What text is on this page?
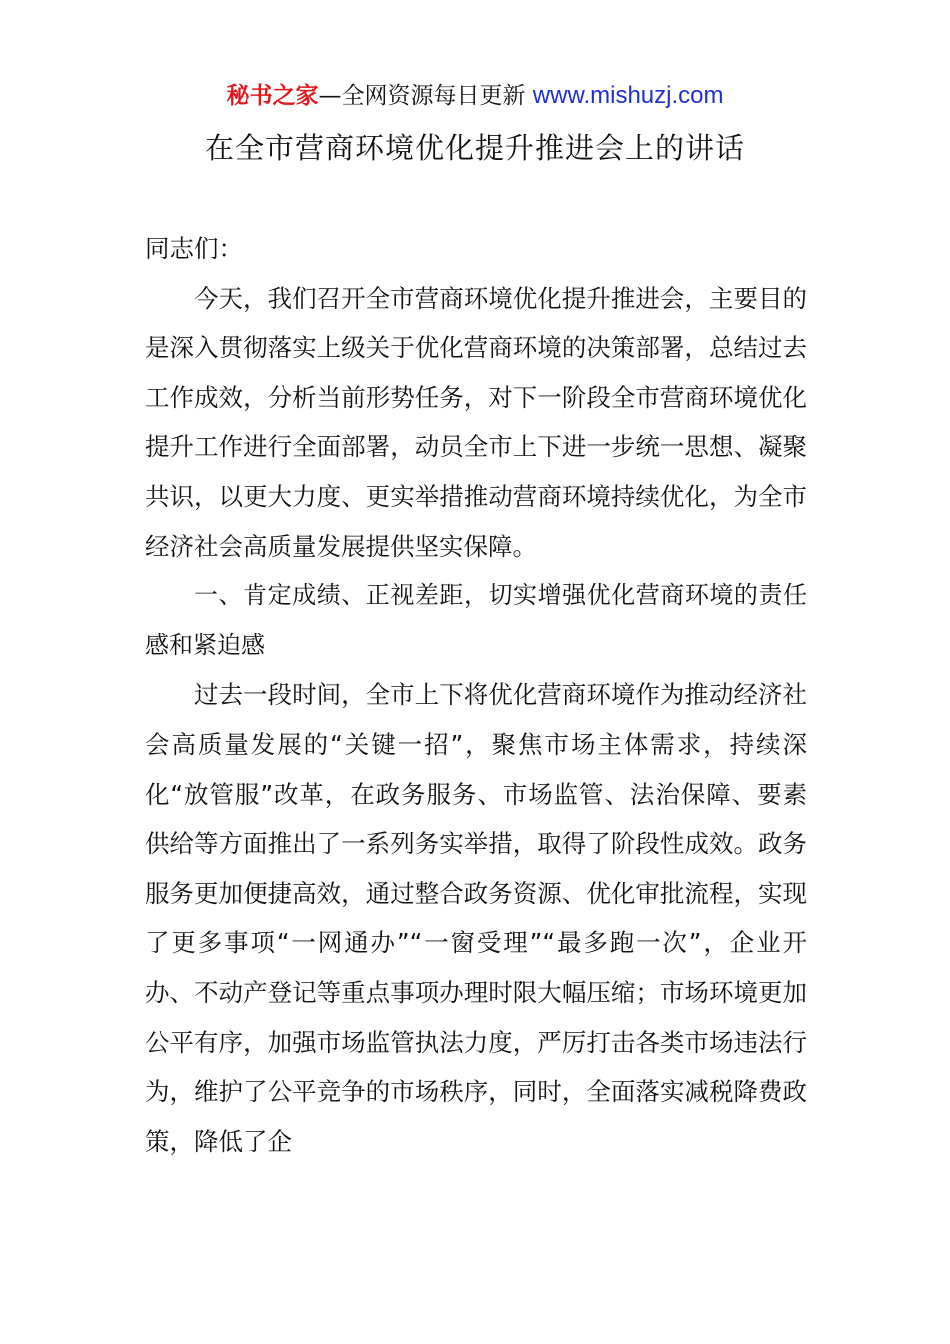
秘书之家—全网资源每日更新 www.mishuzj.com
在全市营商环境优化提升推进会上的讲话

同志们：

今天，我们召开全市营商环境优化提升推进会，主要目的是深入贯彻落实上级关于优化营商环境的决策部署，总结过去工作成效，分析当前形势任务，对下一阶段全市营商环境优化提升工作进行全面部署，动员全市上下进一步统一思想、凝聚共识，以更大力度、更实举措推动营商环境持续优化，为全市经济社会高质量发展提供坚实保障。

一、肯定成绩、正视差距，切实增强优化营商环境的责任感和紧迫感

过去一段时间，全市上下将优化营商环境作为推动经济社会高质量发展的“关键一招”，聚焦市场主体需求，持续深化“放管服”改革，在政务服务、市场监管、法治保障、要素供给等方面推出了一系列务实举措，取得了阶段性成效。政务服务更加便捷高效，通过整合政务资源、优化审批流程，实现了更多事项“一网通办”“一窗受理”“最多跑一次”，企业开办、不动产登记等重点事项办理时限大幅压缩；市场环境更加公平有序，加强市场监管执法力度，严厉打击各类市场违法行为，维护了公平竞争的市场秩序，同时，全面落实减税降费政策，降低了企
